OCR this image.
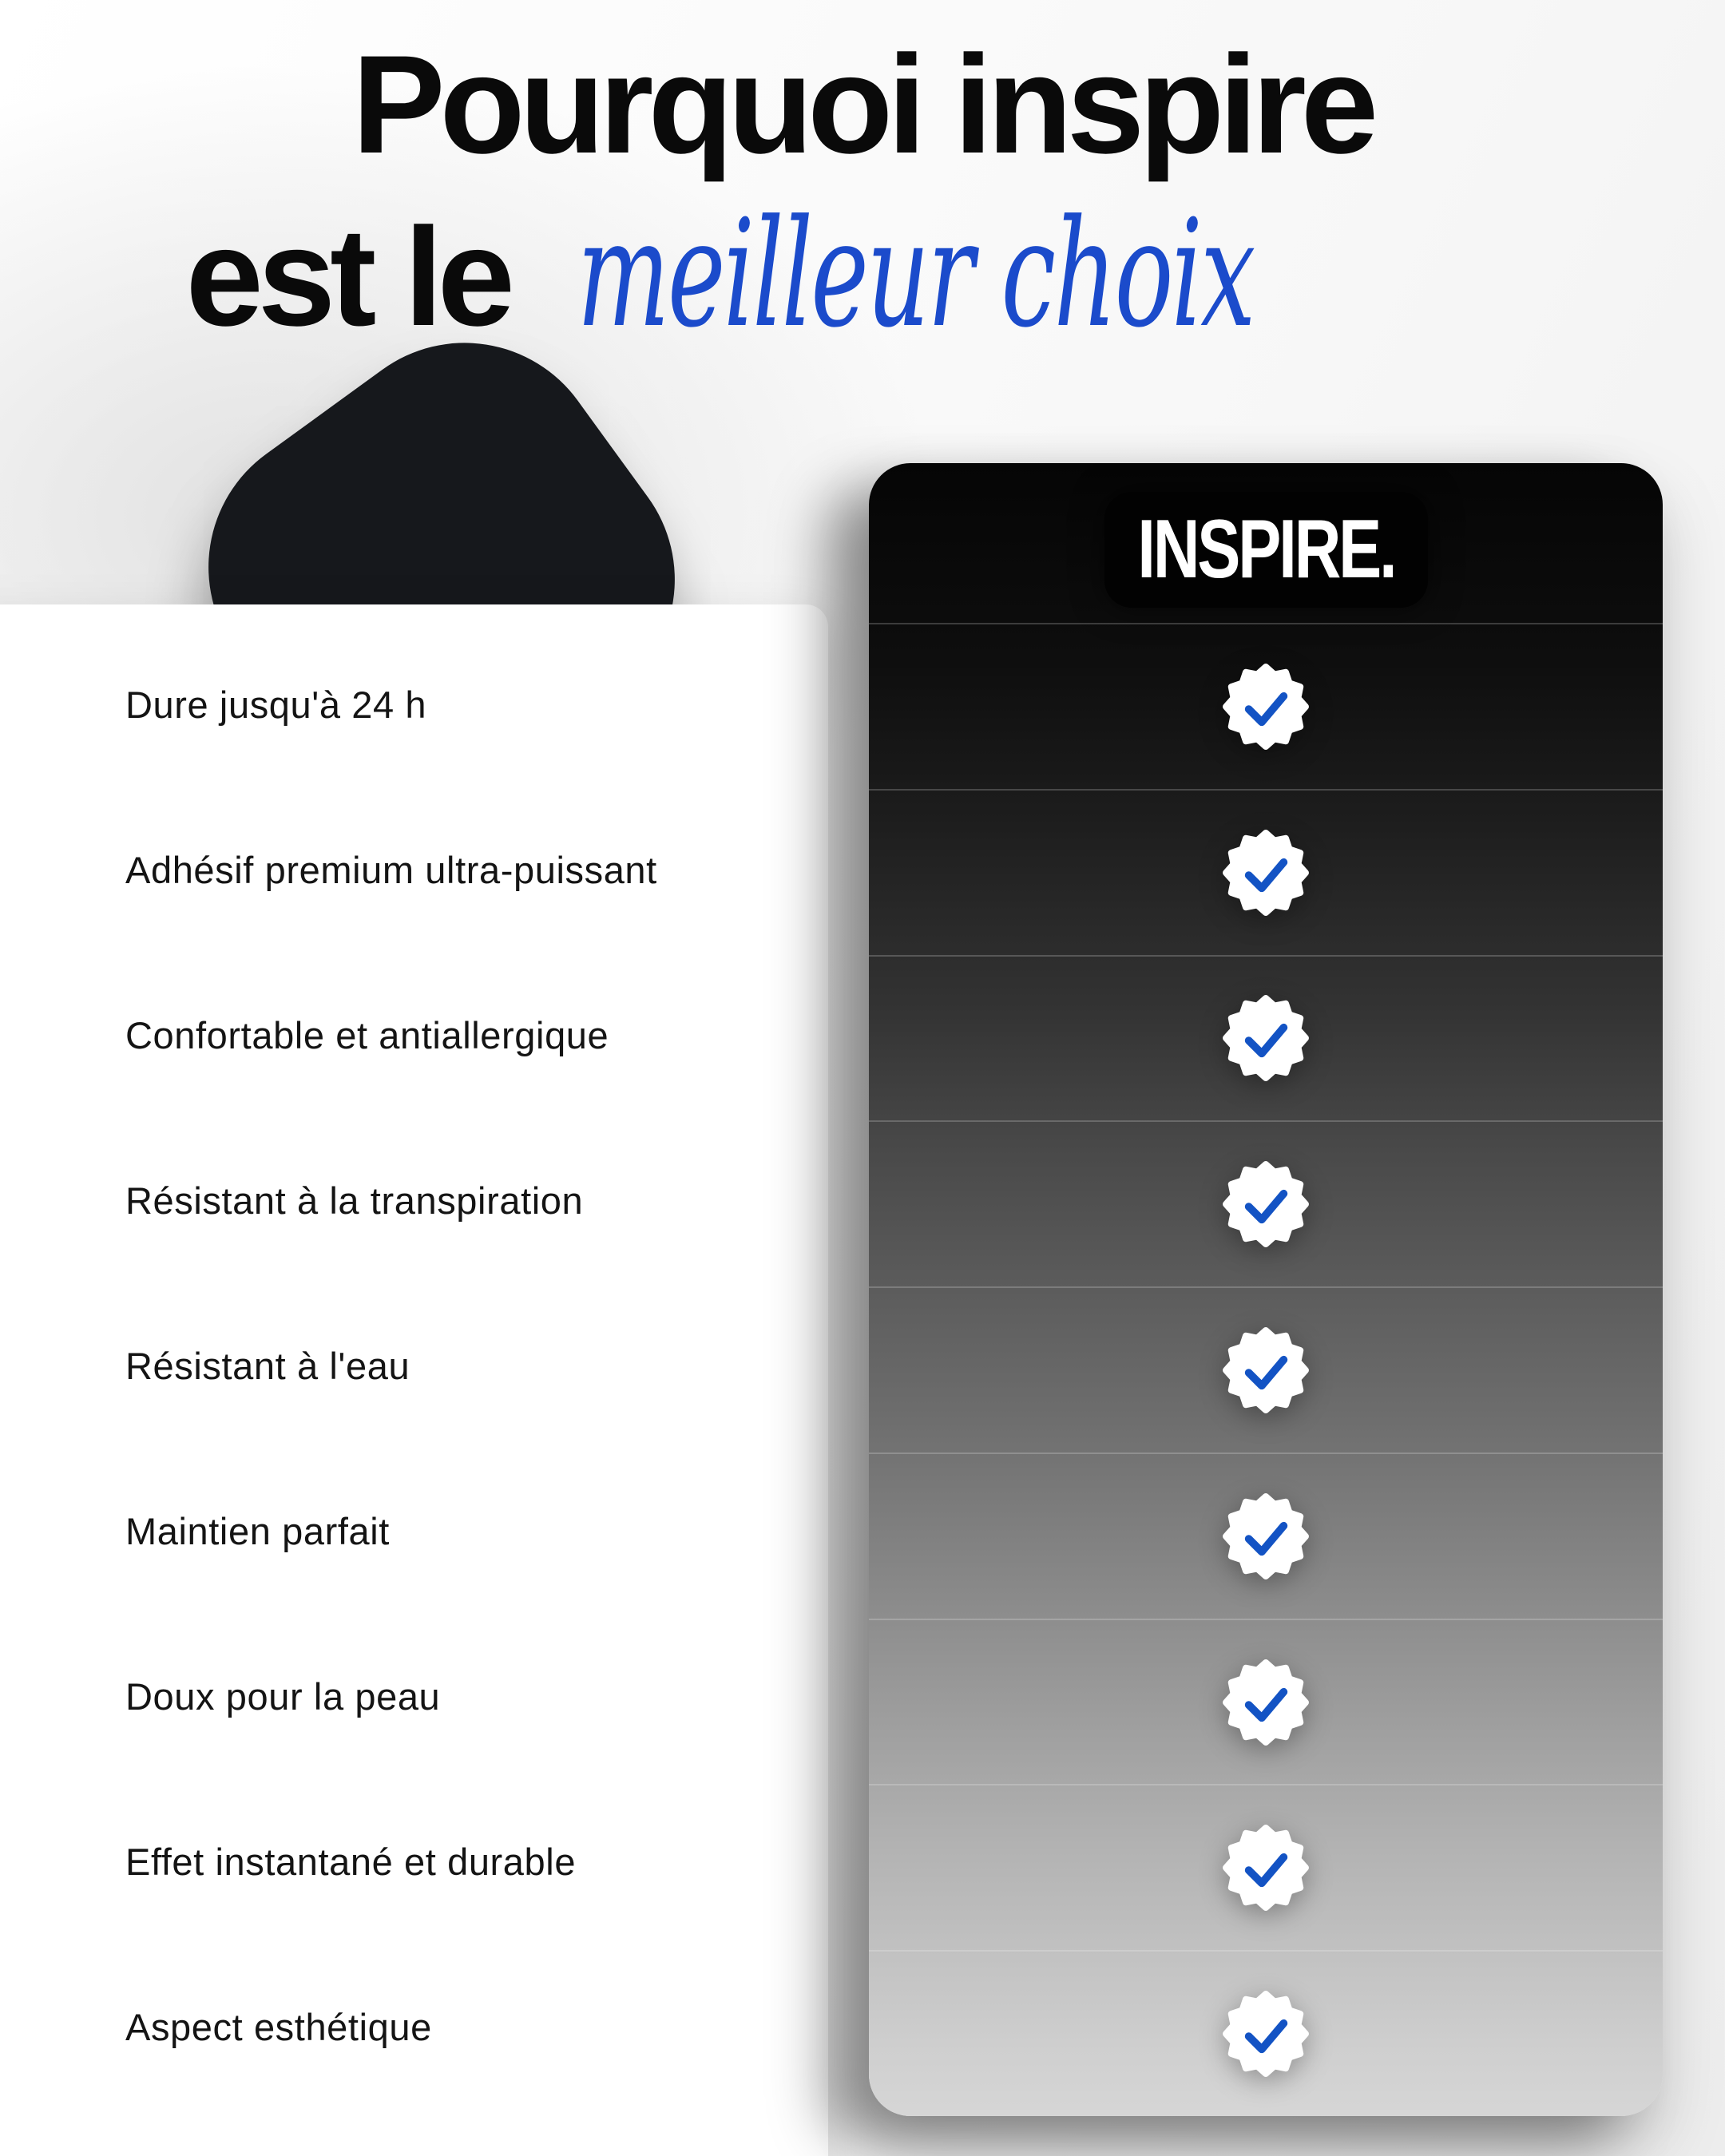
Pourquoi inspire
est le meilleur choix
Dure jusqu'à 24 h
Adhésif premium ultra-puissant
Confortable et antiallergique
Résistant à la transpiration
Résistant à l'eau
Maintien parfait
Doux pour la peau
Effet instantané et durable
Aspect esthétique
INSPIRE.
